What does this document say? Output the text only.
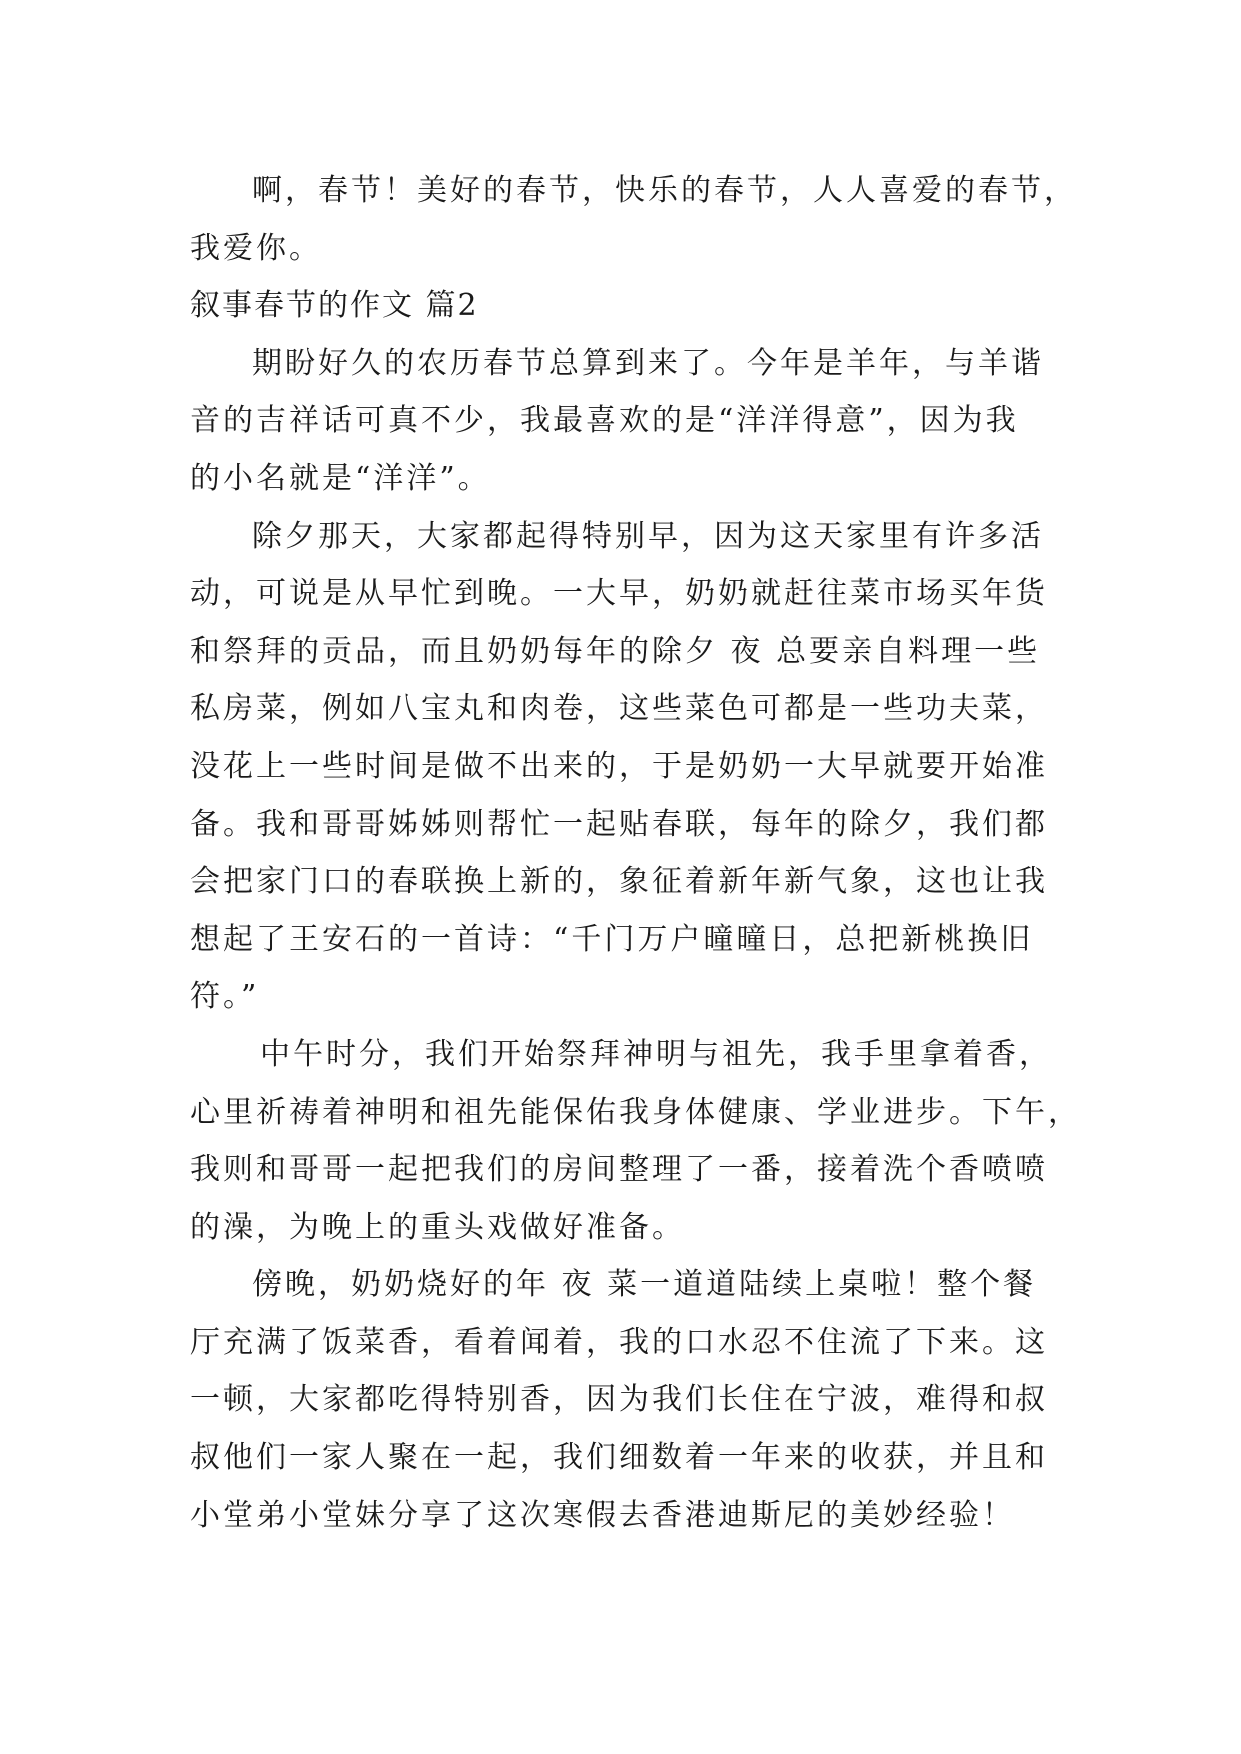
啊，春节！美好的春节，快乐的春节，人人喜爱的春节，
我爱你。
叙事春节的作文 篇2
期盼好久的农历春节总算到来了。今年是羊年，与羊谐
音的吉祥话可真不少，我最喜欢的是“洋洋得意”，因为我
的小名就是“洋洋”。
除夕那天，大家都起得特别早，因为这天家里有许多活
动，可说是从早忙到晚。一大早，奶奶就赶往菜市场买年货
和祭拜的贡品，而且奶奶每年的除夕 夜 总要亲自料理一些
私房菜，例如八宝丸和肉卷，这些菜色可都是一些功夫菜，
没花上一些时间是做不出来的，于是奶奶一大早就要开始准
备。我和哥哥姊姊则帮忙一起贴春联，每年的除夕，我们都
会把家门口的春联换上新的，象征着新年新气象，这也让我
想起了王安石的一首诗：“千门万户曈曈日，总把新桃换旧
符。”
中午时分，我们开始祭拜神明与祖先，我手里拿着香，
心里祈祷着神明和祖先能保佑我身体健康、学业进步。下午，
我则和哥哥一起把我们的房间整理了一番，接着洗个香喷喷
的澡，为晚上的重头戏做好准备。
傍晚，奶奶烧好的年 夜 菜一道道陆续上桌啦！整个餐
厅充满了饭菜香，看着闻着，我的口水忍不住流了下来。这
一顿，大家都吃得特别香，因为我们长住在宁波，难得和叔
叔他们一家人聚在一起，我们细数着一年来的收获，并且和
小堂弟小堂妹分享了这次寒假去香港迪斯尼的美妙经验！
